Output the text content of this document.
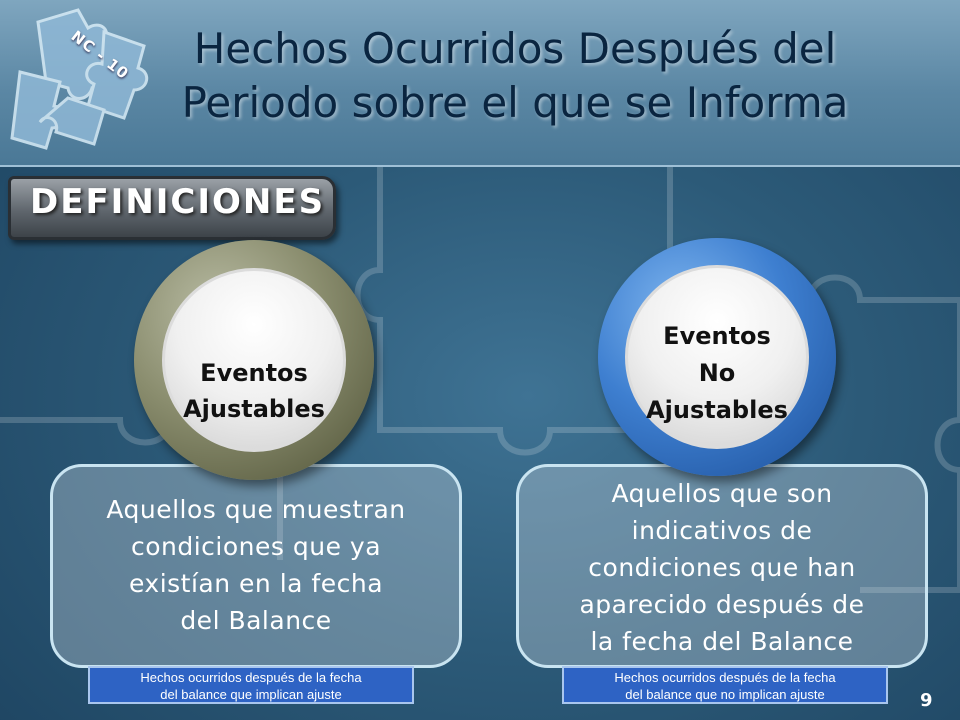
NC - 10	Hechos Ocurridos Después del
Periodo sobre el que se Informa
DEFINICIONES
Aquellos que muestran
condiciones que ya
existían en la fecha
del Balance
Aquellos que son
indicativos de
condiciones que han
aparecido después de
la fecha del Balance
Eventos
Ajustables
Eventos
No
Ajustables
Hechos ocurridos después de la fecha
del balance que implican ajuste
Hechos ocurridos después de la fecha
del balance que no implican ajuste	9
